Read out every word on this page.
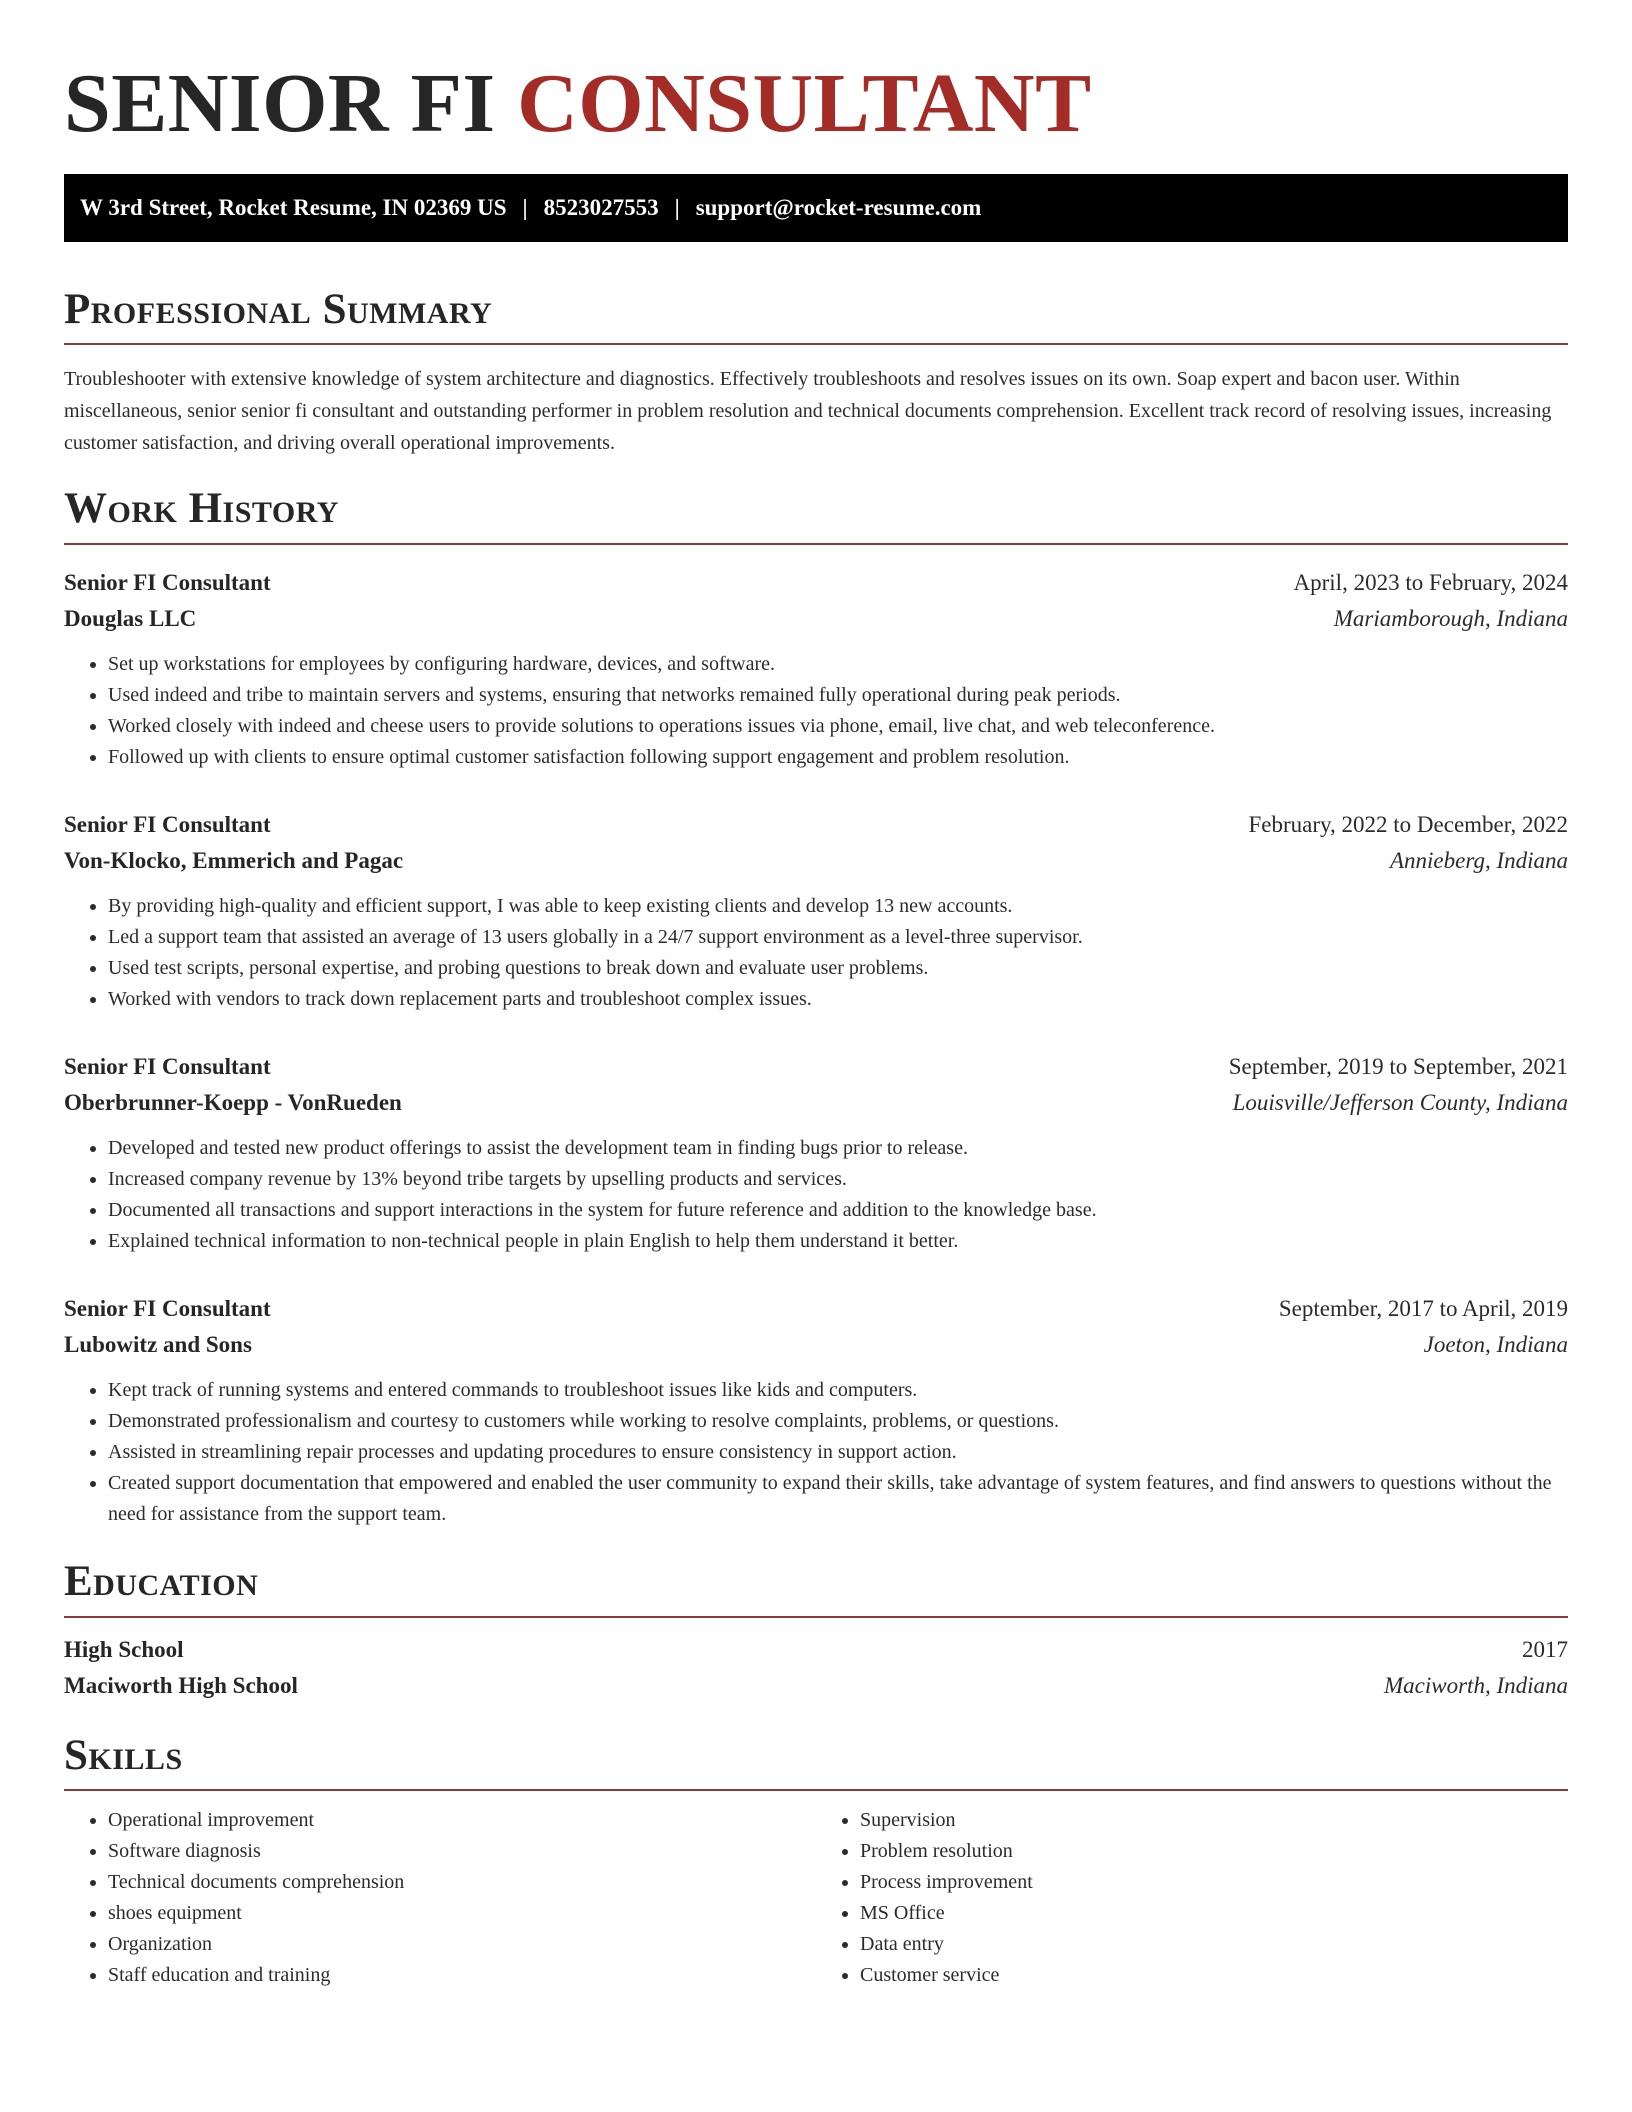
SENIOR FI CONSULTANT
W 3rd Street, Rocket Resume, IN 02369 US | 8523027553 | support@rocket-resume.com
Professional Summary

Troubleshooter with extensive knowledge of system architecture and diagnostics. Effectively troubleshoots and resolves issues on its own. Soap expert and bacon user. Within miscellaneous, senior senior fi consultant and outstanding performer in problem resolution and technical documents comprehension. Excellent track record of resolving issues, increasing customer satisfaction, and driving overall operational improvements.

Work History
Senior FI Consultant	April, 2023 to February, 2024
Douglas LLC	Mariamborough, Indiana
• Set up workstations for employees by configuring hardware, devices, and software.
• Used indeed and tribe to maintain servers and systems, ensuring that networks remained fully operational during peak periods.
• Worked closely with indeed and cheese users to provide solutions to operations issues via phone, email, live chat, and web teleconference.
• Followed up with clients to ensure optimal customer satisfaction following support engagement and problem resolution.
Senior FI Consultant	February, 2022 to December, 2022
Von-Klocko, Emmerich and Pagac	Annieberg, Indiana
• By providing high-quality and efficient support, I was able to keep existing clients and develop 13 new accounts.
• Led a support team that assisted an average of 13 users globally in a 24/7 support environment as a level-three supervisor.
• Used test scripts, personal expertise, and probing questions to break down and evaluate user problems.
• Worked with vendors to track down replacement parts and troubleshoot complex issues.
Senior FI Consultant	September, 2019 to September, 2021
Oberbrunner-Koepp - VonRueden	Louisville/Jefferson County, Indiana
• Developed and tested new product offerings to assist the development team in finding bugs prior to release.
• Increased company revenue by 13% beyond tribe targets by upselling products and services.
• Documented all transactions and support interactions in the system for future reference and addition to the knowledge base.
• Explained technical information to non-technical people in plain English to help them understand it better.
Senior FI Consultant	September, 2017 to April, 2019
Lubowitz and Sons	Joeton, Indiana
• Kept track of running systems and entered commands to troubleshoot issues like kids and computers.
• Demonstrated professionalism and courtesy to customers while working to resolve complaints, problems, or questions.
• Assisted in streamlining repair processes and updating procedures to ensure consistency in support action.
• Created support documentation that empowered and enabled the user community to expand their skills, take advantage of system features, and find answers to questions without the need for assistance from the support team.
Education
High School	2017
Maciworth High School	Maciworth, Indiana
Skills
• Operational improvement
• Software diagnosis
• Technical documents comprehension
• shoes equipment
• Organization
• Staff education and training
• Supervision
• Problem resolution
• Process improvement
• MS Office
• Data entry
• Customer service
